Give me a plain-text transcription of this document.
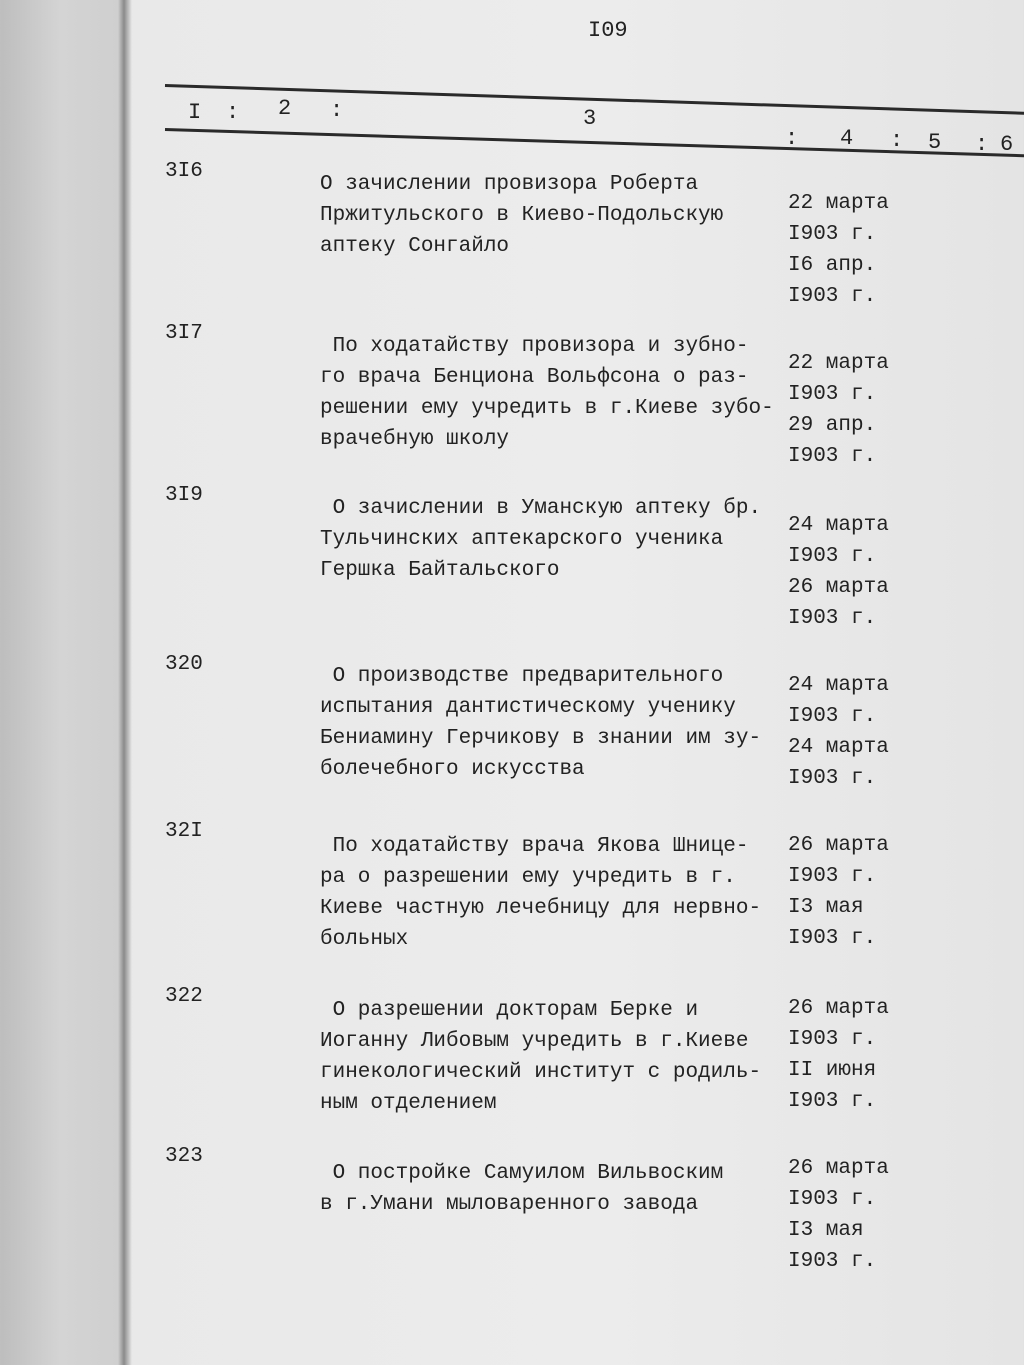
I09
I : 2 :	3
: 4 : 5 : 6
3I6
О зачислении провизора Роберта
Пржитульского в Киево-Подольскую
аптеку Сонгайло
22 марта
I903 г.
I6 апр.
I903 г.
3I7
По ходатайству провизора и зубно-
го врача Бенциона Вольфсона о раз-
решении ему учредить в г.Киеве зубо-
врачебную школу
22 марта
I903 г.
29 апр.
I903 г.
3I9
О зачислении в Уманскую аптеку бр.
Тульчинских аптекарского ученика
Гершка Байтальского
24 марта
I903 г.
26 марта
I903 г.
320
О производстве предварительного
испытания дантистическому ученику
Бениамину Герчикову в знании им зу-
болечебного искусства
24 марта
I903 г.
24 марта
I903 г.
32I
По ходатайству врача Якова Шнице-
ра о разрешении ему учредить в г.
Киеве частную лечебницу для нервно-
больных
26 марта
I903 г.
I3 мая
I903 г.
322
О разрешении докторам Берке и
Иоганну Либовым учредить в г.Киеве
гинекологический институт с родиль-
ным отделением
26 марта
I903 г.
II июня
I903 г.
323
О постройке Самуилом Вильвоским
в г.Умани мыловаренного завода
26 марта
I903 г.
I3 мая
I903 г.
